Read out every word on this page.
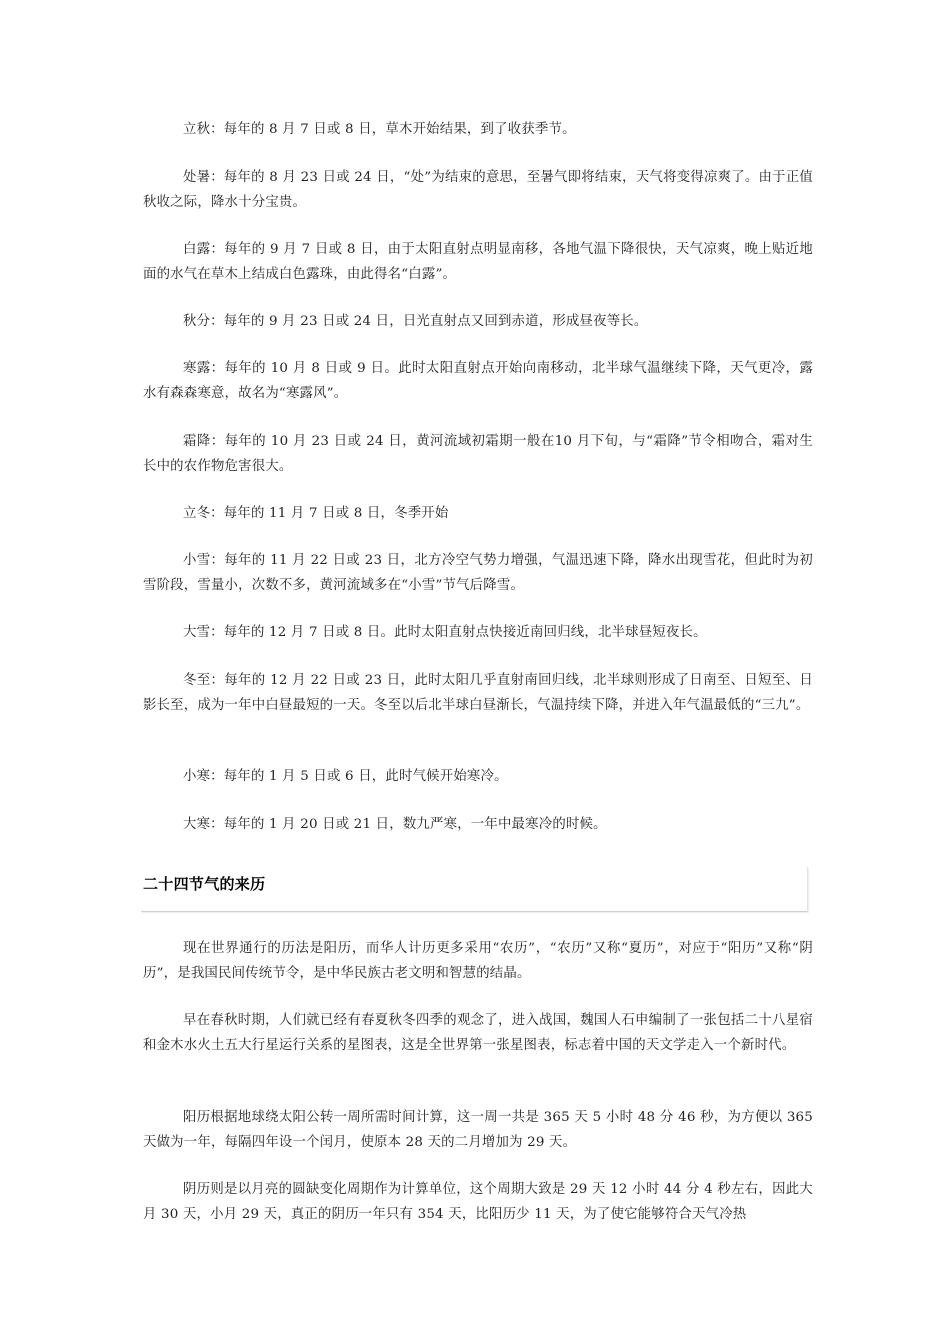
立秋：每年的 8 月 7 日或 8 日，草木开始结果，到了收获季节。

处暑：每年的 8 月 23 日或 24 日，“处”为结束的意思，至暑气即将结束，天气将变得凉爽了。由于正值秋收之际，降水十分宝贵。

白露：每年的 9 月 7 日或 8 日，由于太阳直射点明显南移，各地气温下降很快，天气凉爽，晚上贴近地面的水气在草木上结成白色露珠，由此得名“白露”。

秋分：每年的 9 月 23 日或 24 日，日光直射点又回到赤道，形成昼夜等长。

寒露：每年的 10 月 8 日或 9 日。此时太阳直射点开始向南移动，北半球气温继续下降，天气更冷，露水有森森寒意，故名为“寒露风”。

霜降：每年的 10 月 23 日或 24 日，黄河流域初霜期一般在10 月下旬，与“霜降”节令相吻合，霜对生长中的农作物危害很大。

立冬：每年的 11 月 7 日或 8 日，冬季开始

小雪：每年的 11 月 22 日或 23 日，北方冷空气势力增强，气温迅速下降，降水出现雪花，但此时为初雪阶段，雪量小，次数不多，黄河流域多在“小雪”节气后降雪。

大雪：每年的 12 月 7 日或 8 日。此时太阳直射点快接近南回归线，北半球昼短夜长。

冬至：每年的 12 月 22 日或 23 日，此时太阳几乎直射南回归线，北半球则形成了日南至、日短至、日影长至，成为一年中白昼最短的一天。冬至以后北半球白昼渐长，气温持续下降，并进入年气温最低的“三九”。

小寒：每年的 1 月 5 日或 6 日，此时气候开始寒冷。

大寒：每年的 1 月 20 日或 21 日，数九严寒，一年中最寒冷的时候。

二十四节气的来历

现在世界通行的历法是阳历，而华人计历更多采用“农历”，“农历”又称“夏历”，对应于“阳历”又称“阴历”，是我国民间传统节令，是中华民族古老文明和智慧的结晶。

早在春秋时期，人们就已经有春夏秋冬四季的观念了，进入战国，魏国人石申编制了一张包括二十八星宿和金木水火土五大行星运行关系的星图表，这是全世界第一张星图表，标志着中国的天文学走入一个新时代。

阳历根据地球绕太阳公转一周所需时间计算，这一周一共是 365 天 5 小时 48 分 46 秒，为方便以 365 天做为一年，每隔四年设一个闰月，使原本 28 天的二月增加为 29 天。

阴历则是以月亮的圆缺变化周期作为计算单位，这个周期大致是 29 天 12 小时 44 分 4 秒左右，因此大月 30 天，小月 29 天，真正的阴历一年只有 354 天，比阳历少 11 天，为了使它能够符合天气冷热
